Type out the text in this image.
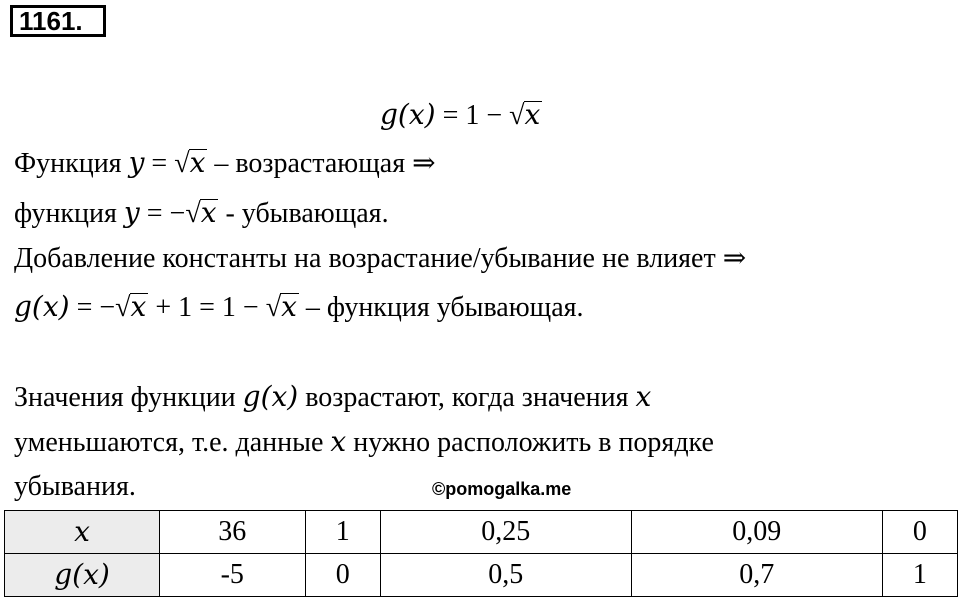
1161.
g(x) = 1 − √x
Функция y = √x – возрастающая ⇒
функция y = −√x - убывающая.
Добавление константы на возрастание/убывание не влияет ⇒
g(x) = −√x + 1 = 1 − √x – функция убывающая.
Значения функции g(x) возрастают, когда значения x
уменьшаются, т.е. данные x нужно расположить в порядке
убывания.	©pomogalka.me
x	36	1	0,25	0,09	0
g(x)	-5	0	0,5	0,7	1
